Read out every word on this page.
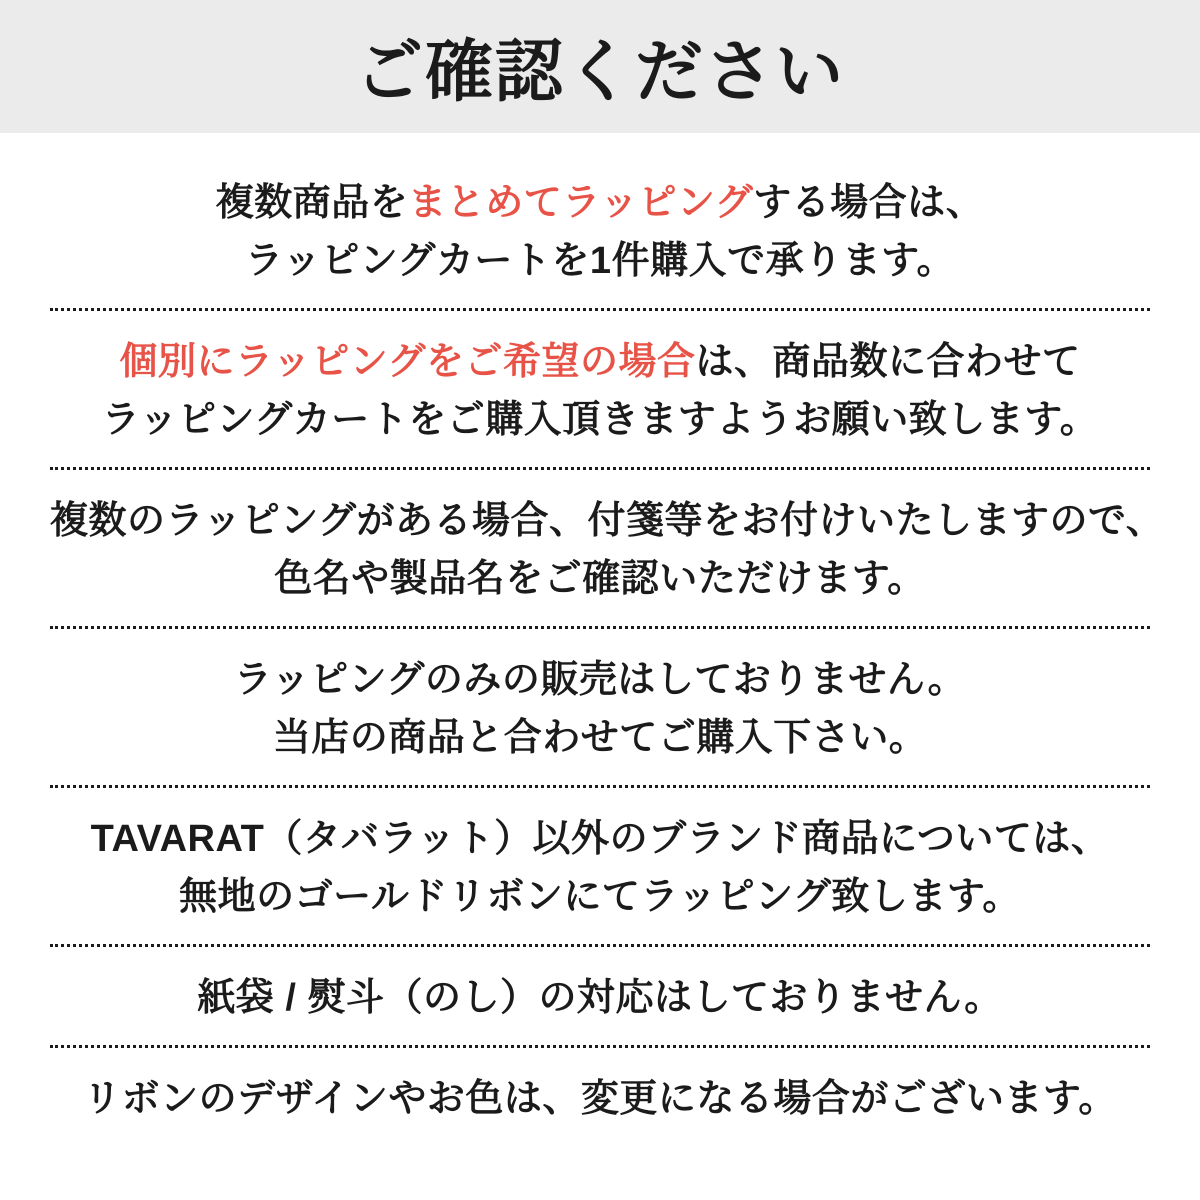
ご確認ください

複数商品をまとめてラッピングする場合は、
ラッピングカートを1件購入で承ります。

個別にラッピングをご希望の場合は、商品数に合わせて
ラッピングカートをご購入頂きますようお願い致します。

複数のラッピングがある場合、付箋等をお付けいたしますので、
色名や製品名をご確認いただけます。

ラッピングのみの販売はしておりません。
当店の商品と合わせてご購入下さい。

TAVARAT（タバラット）以外のブランド商品については、
無地のゴールドリボンにてラッピング致します。

紙袋 / 熨斗（のし）の対応はしておりません。

リボンのデザインやお色は、変更になる場合がございます。
